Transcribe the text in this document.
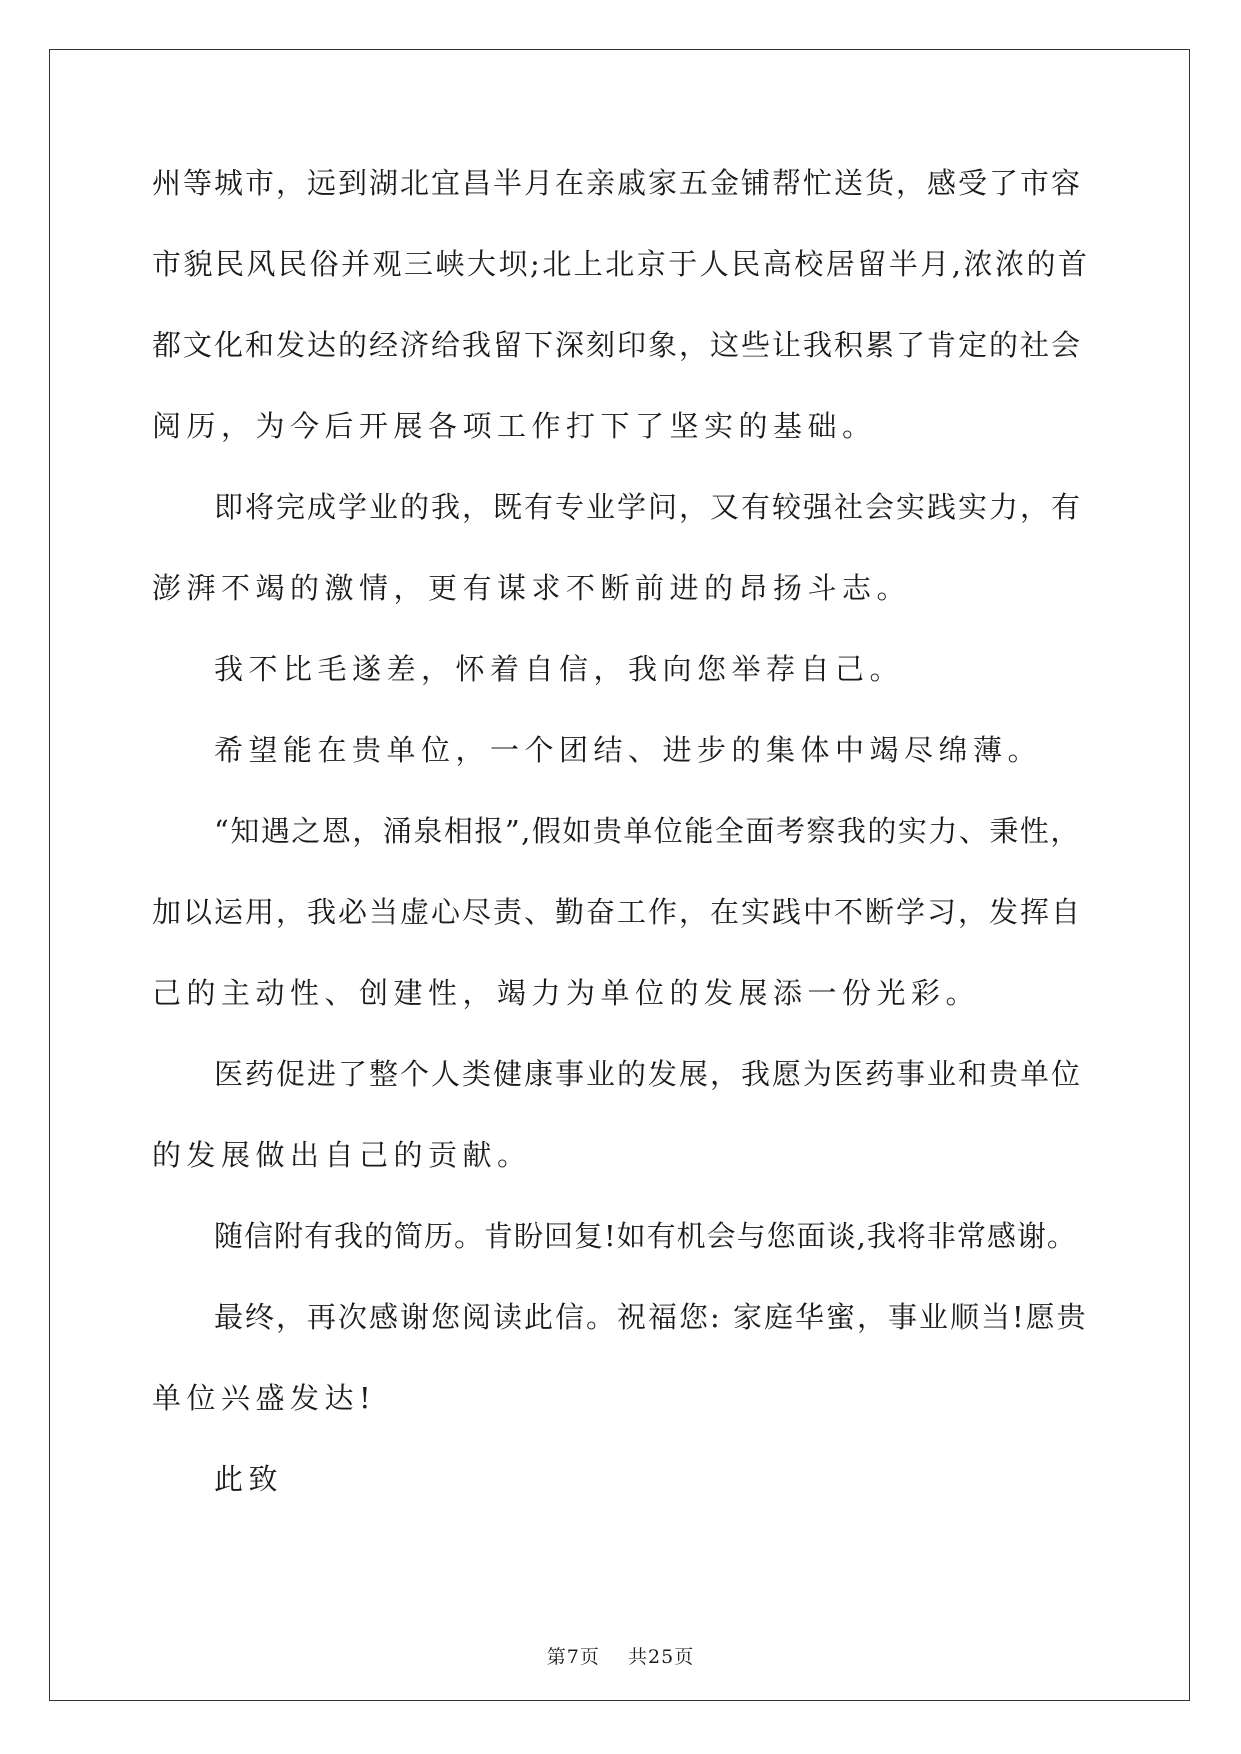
州等城市，远到湖北宜昌半月在亲戚家五金铺帮忙送货，感受了市容
市貌民风民俗并观三峡大坝;北上北京于人民高校居留半月,浓浓的首
都文化和发达的经济给我留下深刻印象，这些让我积累了肯定的社会
阅历，为今后开展各项工作打下了坚实的基础。
即将完成学业的我，既有专业学问，又有较强社会实践实力，有
澎湃不竭的激情，更有谋求不断前进的昂扬斗志。
我不比毛遂差，怀着自信，我向您举荐自己。
希望能在贵单位，一个团结、进步的集体中竭尽绵薄。
“知遇之恩，涌泉相报”,假如贵单位能全面考察我的实力、秉性，
加以运用，我必当虚心尽责、勤奋工作，在实践中不断学习，发挥自
己的主动性、创建性，竭力为单位的发展添一份光彩。
医药促进了整个人类健康事业的发展，我愿为医药事业和贵单位
的发展做出自己的贡献。
随信附有我的简历。肯盼回复!如有机会与您面谈,我将非常感谢。
最终，再次感谢您阅读此信。祝福您: 家庭华蜜，事业顺当!愿贵
单位兴盛发达!
此致
第7页    共25页
